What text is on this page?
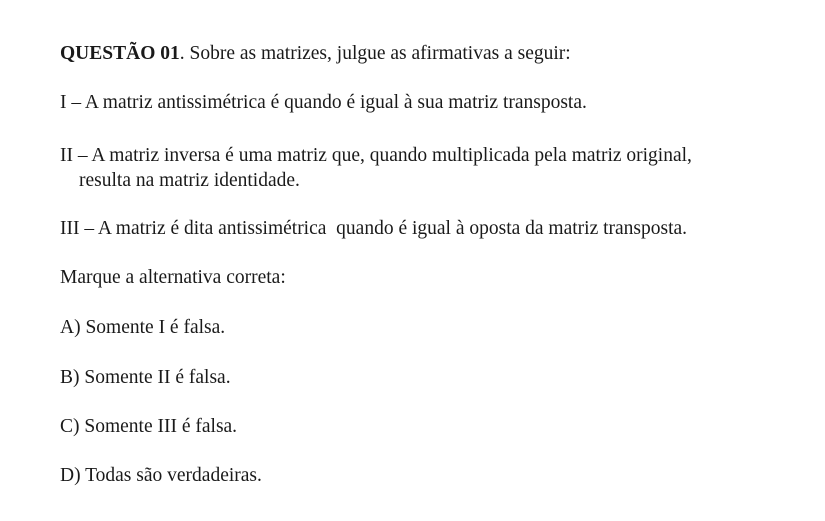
QUESTÃO 01. Sobre as matrizes, julgue as afirmativas a seguir:
I – A matriz antissimétrica é quando é igual à sua matriz transposta.
II – A matriz inversa é uma matriz que, quando multiplicada pela matriz original,
resulta na matriz identidade.
III – A matriz é dita antissimétrica  quando é igual à oposta da matriz transposta.
Marque a alternativa correta:
A) Somente I é falsa.
B) Somente II é falsa.
C) Somente III é falsa.
D) Todas são verdadeiras.
